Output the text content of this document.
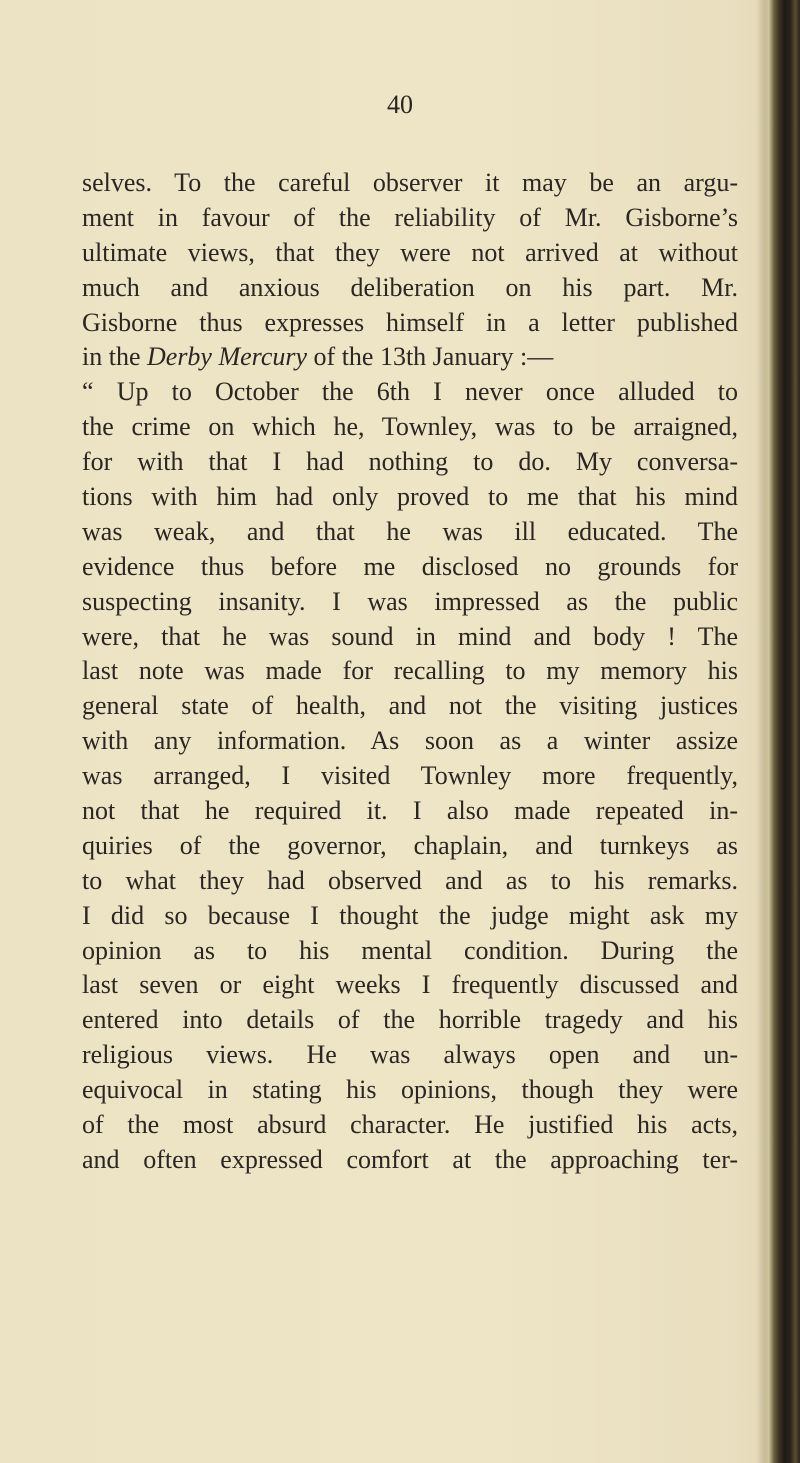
40
selves. To the careful observer it may be an argu-
ment in favour of the reliability of Mr. Gisborne’s
ultimate views, that they were not arrived at without
much and anxious deliberation on his part. Mr.
Gisborne thus expresses himself in a letter published
in the Derby Mercury of the 13th January :—
“ Up to October the 6th I never once alluded to
the crime on which he, Townley, was to be arraigned,
for with that I had nothing to do. My conversa-
tions with him had only proved to me that his mind
was weak, and that he was ill educated. The
evidence thus before me disclosed no grounds for
suspecting insanity. I was impressed as the public
were, that he was sound in mind and body ! The
last note was made for recalling to my memory his
general state of health, and not the visiting justices
with any information. As soon as a winter assize
was arranged, I visited Townley more frequently,
not that he required it. I also made repeated in-
quiries of the governor, chaplain, and turnkeys as
to what they had observed and as to his remarks.
I did so because I thought the judge might ask my
opinion as to his mental condition. During the
last seven or eight weeks I frequently discussed and
entered into details of the horrible tragedy and his
religious views. He was always open and un-
equivocal in stating his opinions, though they were
of the most absurd character. He justified his acts,
and often expressed comfort at the approaching ter-
